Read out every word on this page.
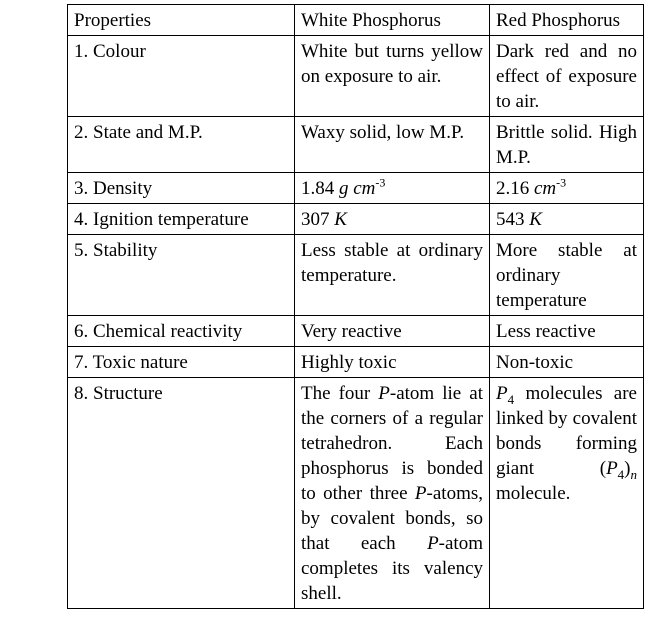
Properties	White Phosphorus	Red Phosphorus
1. Colour	White but turns yellow on exposure to air.	Dark red and no effect of exposure to air.
2. State and M.P.	Waxy solid, low M.P.	Brittle solid. High M.P.
3. Density	1.84 g $cm^{-3}$	2.16 $cm^{-3}$
4. Ignition temperature	307 K	543 K
5. Stability	Less stable at ordinary temperature.	More stable at ordinary temperature
6. Chemical reactivity	Very reactive	Less reactive
7. Toxic nature	Highly toxic	Non-toxic
8. Structure	The four P-atom lie at the corners of a regular tetrahedron. Each phosphorus is bonded to other three P-atoms, by covalent bonds, so that each P-atom completes its valency shell.	$P_4$ molecules are linked by covalent bonds forming giant $(P_4)_n$ molecule.
